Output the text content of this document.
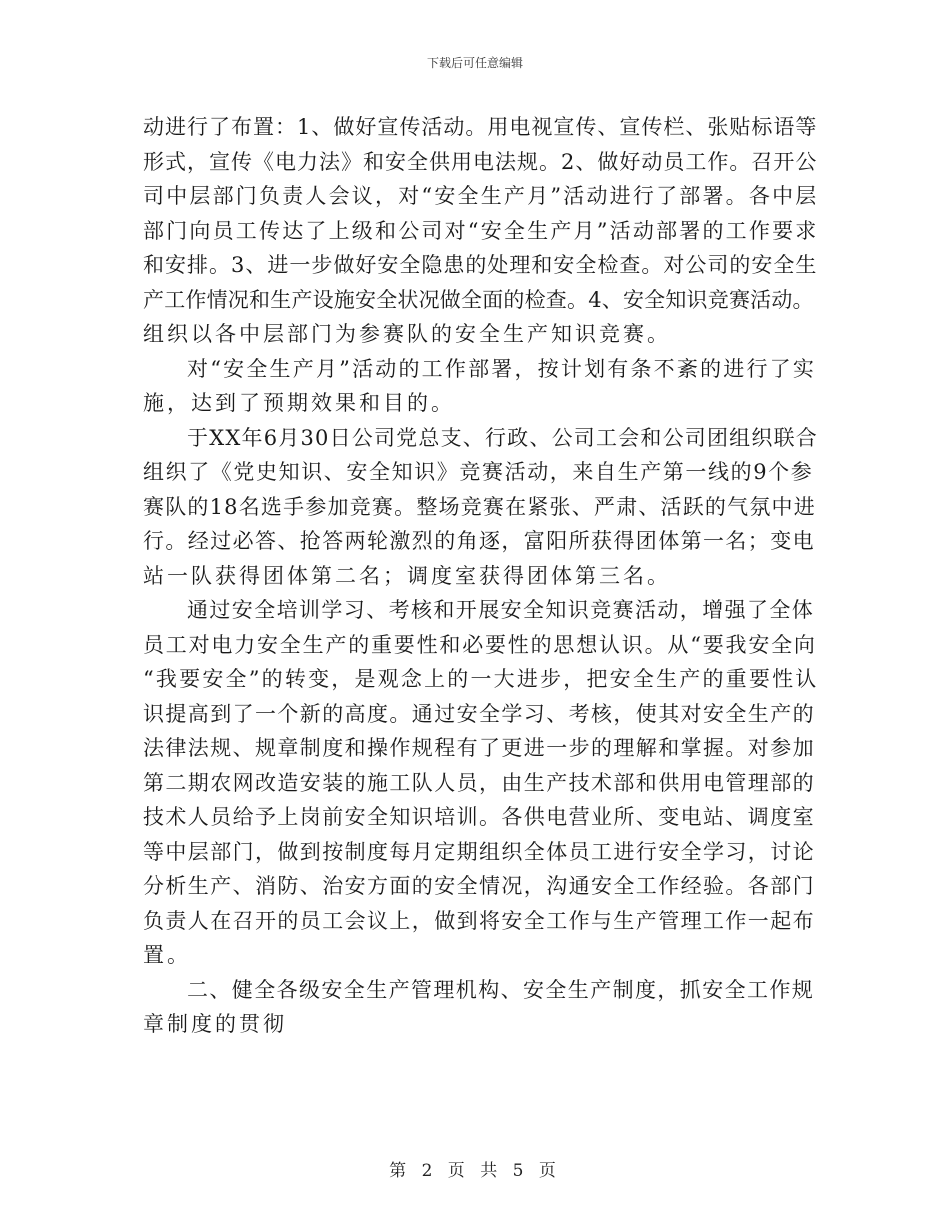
下载后可任意编辑
动进行了布置：1、做好宣传活动。用电视宣传、宣传栏、张贴标语等
形式，宣传《电力法》和安全供用电法规。2、做好动员工作。召开公
司中层部门负责人会议，对“安全生产月”活动进行了部署。各中层
部门向员工传达了上级和公司对“安全生产月”活动部署的工作要求
和安排。3、进一步做好安全隐患的处理和安全检查。对公司的安全生
产工作情况和生产设施安全状况做全面的检查。4、安全知识竞赛活动。
组织以各中层部门为参赛队的安全生产知识竞赛。
对“安全生产月”活动的工作部署，按计划有条不紊的进行了实
施，达到了预期效果和目的。
于XX年6月30日公司党总支、行政、公司工会和公司团组织联合
组织了《党史知识、安全知识》竞赛活动，来自生产第一线的9个参
赛队的18名选手参加竞赛。整场竞赛在紧张、严肃、活跃的气氛中进
行。经过必答、抢答两轮激烈的角逐，富阳所获得团体第一名；变电
站一队获得团体第二名；调度室获得团体第三名。
通过安全培训学习、考核和开展安全知识竞赛活动，增强了全体
员工对电力安全生产的重要性和必要性的思想认识。从“要我安全向
“我要安全”的转变，是观念上的一大进步，把安全生产的重要性认
识提高到了一个新的高度。通过安全学习、考核，使其对安全生产的
法律法规、规章制度和操作规程有了更进一步的理解和掌握。对参加
第二期农网改造安装的施工队人员，由生产技术部和供用电管理部的
技术人员给予上岗前安全知识培训。各供电营业所、变电站、调度室
等中层部门，做到按制度每月定期组织全体员工进行安全学习，讨论
分析生产、消防、治安方面的安全情况，沟通安全工作经验。各部门
负责人在召开的员工会议上，做到将安全工作与生产管理工作一起布
置。
二、健全各级安全生产管理机构、安全生产制度，抓安全工作规
章制度的贯彻
第 2 页 共 5 页
